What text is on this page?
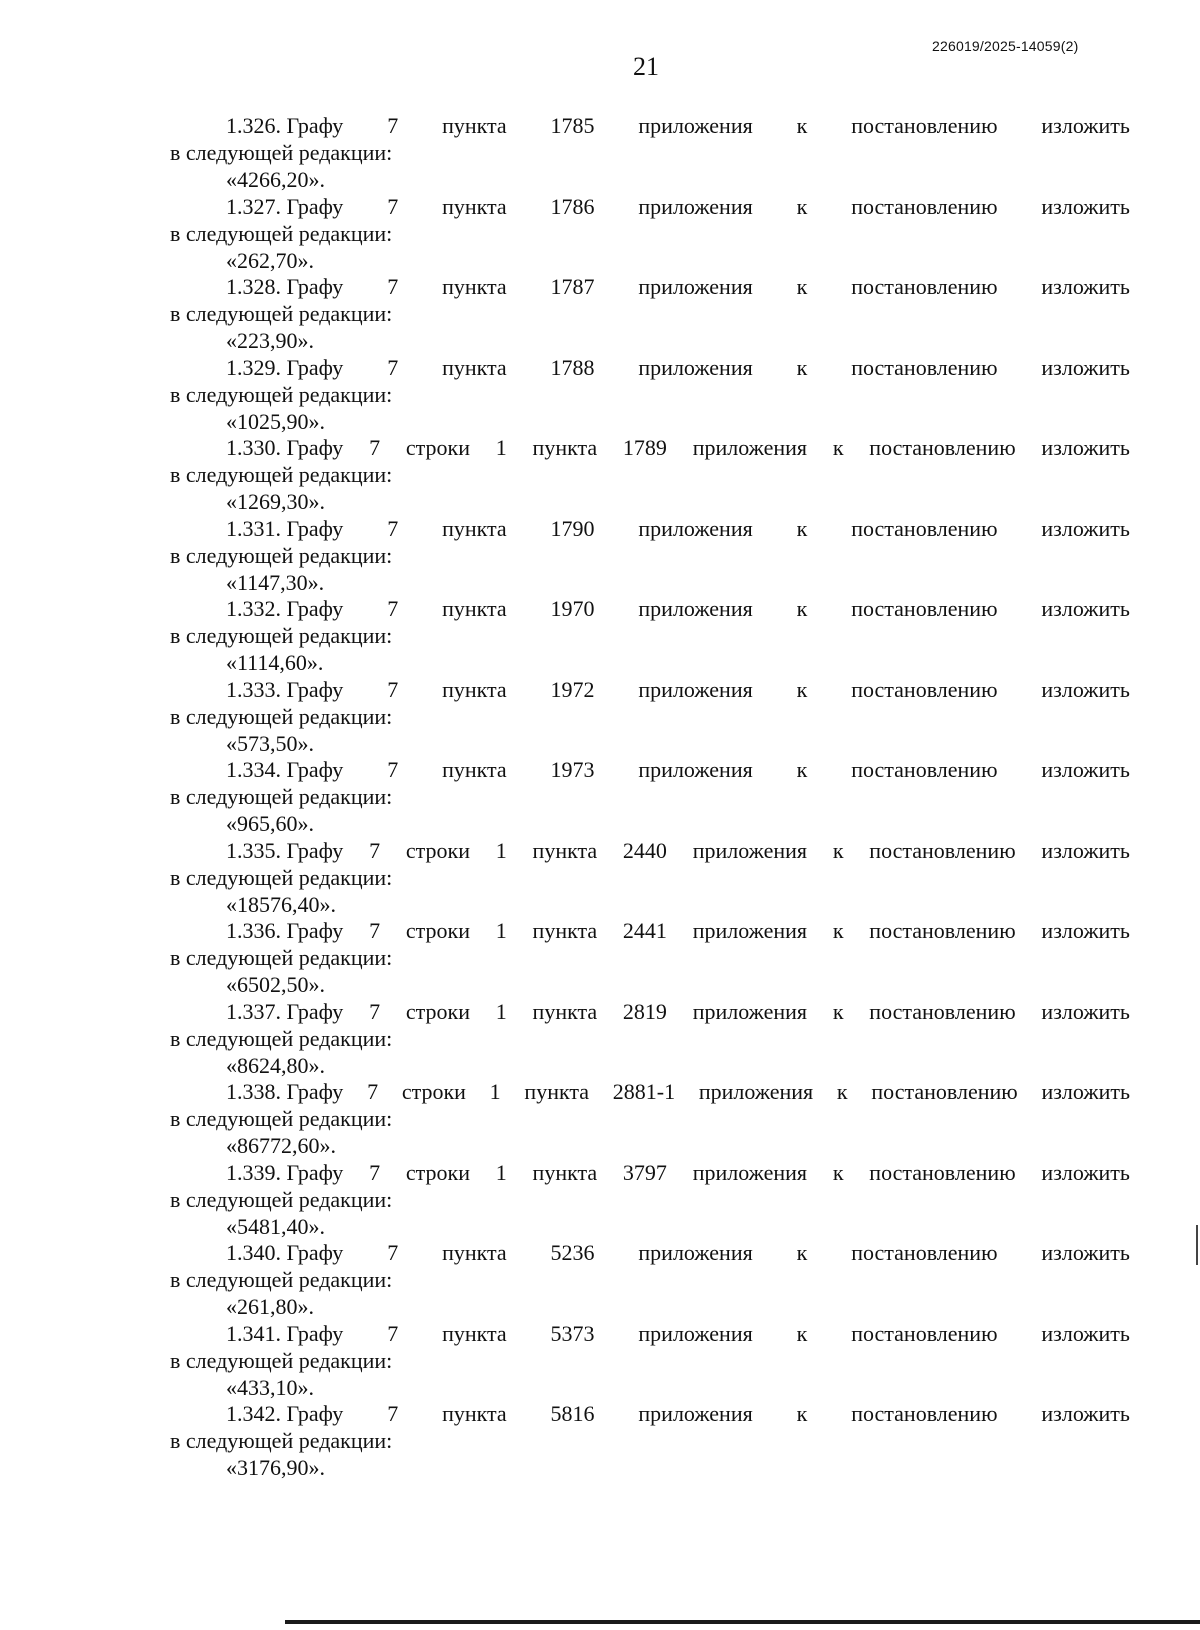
226019/2025-14059(2)
21
1.326. Графу 7 пункта 1785 приложения к постановлению изложить
в следующей редакции:
«4266,20».
1.327. Графу 7 пункта 1786 приложения к постановлению изложить
в следующей редакции:
«262,70».
1.328. Графу 7 пункта 1787 приложения к постановлению изложить
в следующей редакции:
«223,90».
1.329. Графу 7 пункта 1788 приложения к постановлению изложить
в следующей редакции:
«1025,90».
1.330. Графу 7 строки 1 пункта 1789 приложения к постановлению изложить
в следующей редакции:
«1269,30».
1.331. Графу 7 пункта 1790 приложения к постановлению изложить
в следующей редакции:
«1147,30».
1.332. Графу 7 пункта 1970 приложения к постановлению изложить
в следующей редакции:
«1114,60».
1.333. Графу 7 пункта 1972 приложения к постановлению изложить
в следующей редакции:
«573,50».
1.334. Графу 7 пункта 1973 приложения к постановлению изложить
в следующей редакции:
«965,60».
1.335. Графу 7 строки 1 пункта 2440 приложения к постановлению изложить
в следующей редакции:
«18576,40».
1.336. Графу 7 строки 1 пункта 2441 приложения к постановлению изложить
в следующей редакции:
«6502,50».
1.337. Графу 7 строки 1 пункта 2819 приложения к постановлению изложить
в следующей редакции:
«8624,80».
1.338. Графу 7 строки 1 пункта 2881-1 приложения к постановлению изложить
в следующей редакции:
«86772,60».
1.339. Графу 7 строки 1 пункта 3797 приложения к постановлению изложить
в следующей редакции:
«5481,40».
1.340. Графу 7 пункта 5236 приложения к постановлению изложить
в следующей редакции:
«261,80».
1.341. Графу 7 пункта 5373 приложения к постановлению изложить
в следующей редакции:
«433,10».
1.342. Графу 7 пункта 5816 приложения к постановлению изложить
в следующей редакции:
«3176,90».
